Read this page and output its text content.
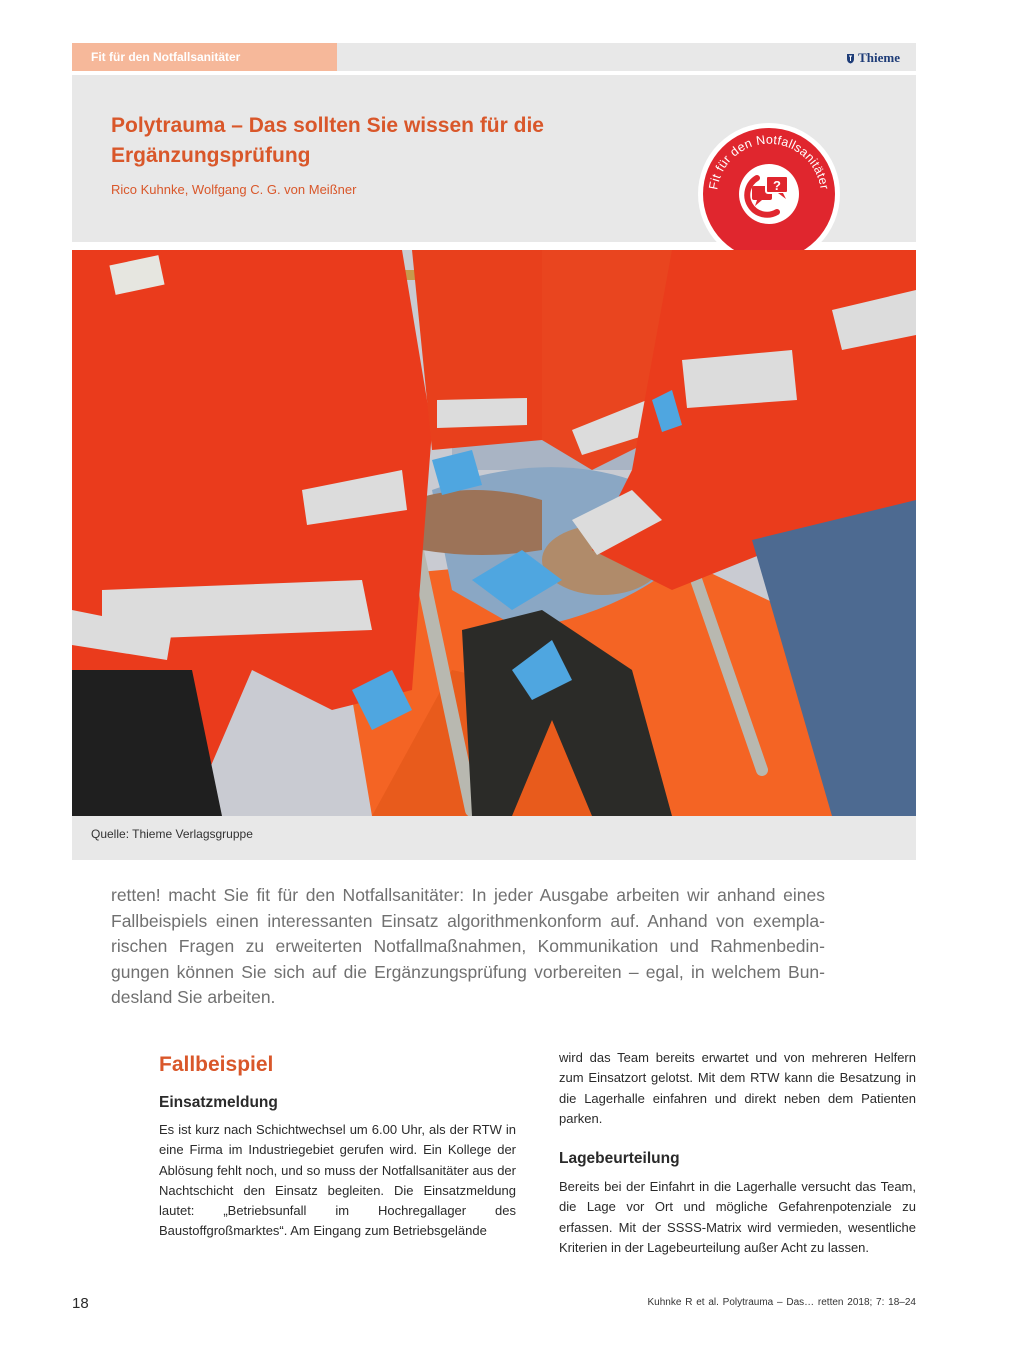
Fit für den Notfallsanitäter	Thieme
Polytrauma – Das sollten Sie wissen für die Ergänzungsprüfung
Rico Kuhnke, Wolfgang C. G. von Meißner	Fit für den Notfallsanitäter
?
Quelle: Thieme Verlagsgruppe

retten! macht Sie fit für den Notfallsanitäter: In jeder Ausgabe arbeiten wir anhand eines Fallbeispiels einen interessanten Einsatz algorithmenkonform auf. Anhand von exemplarischen Fragen zu erweiterten Notfallmaßnahmen, Kommunikation und Rahmenbedingungen können Sie sich auf die Ergänzungsprüfung vorbereiten – egal, in welchem Bundesland Sie arbeiten.

Fallbeispiel
Einsatzmeldung

Es ist kurz nach Schichtwechsel um 6.00 Uhr, als der RTW in eine Firma im Industriegebiet gerufen wird. Ein Kollege der Ablösung fehlt noch, und so muss der Notfallsanitäter aus der Nachtschicht den Einsatz begleiten. Die Einsatzmeldung lautet: „Betriebsunfall im Hochregallager des Baustoffgroßmarktes“. Am Eingang zum Betriebsgelände

wird das Team bereits erwartet und von mehreren Helfern zum Einsatzort gelotst. Mit dem RTW kann die Besatzung in die Lagerhalle einfahren und direkt neben dem Patienten parken.

Lagebeurteilung

Bereits bei der Einfahrt in die Lagerhalle versucht das Team, die Lage vor Ort und mögliche Gefahrenpotenziale zu erfassen. Mit der SSSS-Matrix wird vermieden, wesentliche Kriterien in der Lagebeurteilung außer Acht zu lassen.

18	Kuhnke R et al. Polytrauma – Das… retten 2018; 7: 18–24
